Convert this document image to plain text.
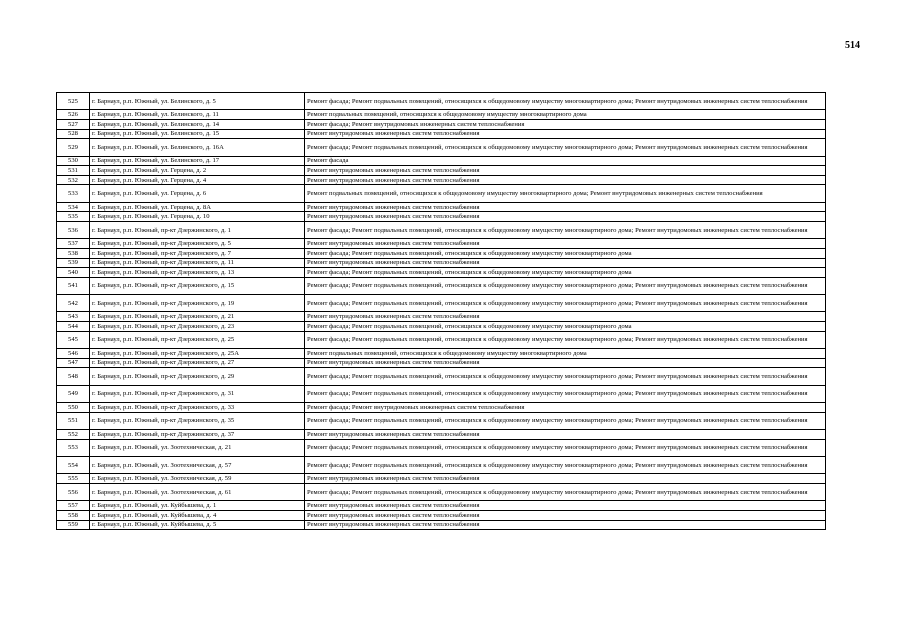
514
525	г. Барнаул, р.п. Южный, ул. Белинского, д. 5	Ремонт фасада; Ремонт подвальных помещений, относящихся к общедомовому имуществу многоквартирного дома; Ремонт внутридомовых инженерных систем теплоснабжения
526	г. Барнаул, р.п. Южный, ул. Белинского, д. 11	Ремонт подвальных помещений, относящихся к общедомовому имуществу многоквартирного дома
527	г. Барнаул, р.п. Южный, ул. Белинского, д. 14	Ремонт фасада; Ремонт внутридомовых инженерных систем теплоснабжения
528	г. Барнаул, р.п. Южный, ул. Белинского, д. 15	Ремонт внутридомовых инженерных систем теплоснабжения
529	г. Барнаул, р.п. Южный, ул. Белинского, д. 16А	Ремонт фасада; Ремонт подвальных помещений, относящихся к общедомовому имуществу многоквартирного дома; Ремонт внутридомовых инженерных систем теплоснабжения
530	г. Барнаул, р.п. Южный, ул. Белинского, д. 17	Ремонт фасада
531	г. Барнаул, р.п. Южный, ул. Герцена, д. 2	Ремонт внутридомовых инженерных систем теплоснабжения
532	г. Барнаул, р.п. Южный, ул. Герцена, д. 4	Ремонт внутридомовых инженерных систем теплоснабжения
533	г. Барнаул, р.п. Южный, ул. Герцена, д. 6	Ремонт подвальных помещений, относящихся к общедомовому имуществу многоквартирного дома; Ремонт внутридомовых инженерных систем теплоснабжения
534	г. Барнаул, р.п. Южный, ул. Герцена, д. 8А	Ремонт внутридомовых инженерных систем теплоснабжения
535	г. Барнаул, р.п. Южный, ул. Герцена, д. 10	Ремонт внутридомовых инженерных систем теплоснабжения
536	г. Барнаул, р.п. Южный, пр-кт Дзержинского, д. 1	Ремонт фасада; Ремонт подвальных помещений, относящихся к общедомовому имуществу многоквартирного дома; Ремонт внутридомовых инженерных систем теплоснабжения
537	г. Барнаул, р.п. Южный, пр-кт Дзержинского, д. 5	Ремонт внутридомовых инженерных систем теплоснабжения
538	г. Барнаул, р.п. Южный, пр-кт Дзержинского, д. 7	Ремонт фасада; Ремонт подвальных помещений, относящихся к общедомовому имуществу многоквартирного дома
539	г. Барнаул, р.п. Южный, пр-кт Дзержинского, д. 11	Ремонт внутридомовых инженерных систем теплоснабжения
540	г. Барнаул, р.п. Южный, пр-кт Дзержинского, д. 13	Ремонт фасада; Ремонт подвальных помещений, относящихся к общедомовому имуществу многоквартирного дома
541	г. Барнаул, р.п. Южный, пр-кт Дзержинского, д. 15	Ремонт фасада; Ремонт подвальных помещений, относящихся к общедомовому имуществу многоквартирного дома; Ремонт внутридомовых инженерных систем теплоснабжения
542	г. Барнаул, р.п. Южный, пр-кт Дзержинского, д. 19	Ремонт фасада; Ремонт подвальных помещений, относящихся к общедомовому имуществу многоквартирного дома; Ремонт внутридомовых инженерных систем теплоснабжения
543	г. Барнаул, р.п. Южный, пр-кт Дзержинского, д. 21	Ремонт внутридомовых инженерных систем теплоснабжения
544	г. Барнаул, р.п. Южный, пр-кт Дзержинского, д. 23	Ремонт фасада; Ремонт подвальных помещений, относящихся к общедомовому имуществу многоквартирного дома
545	г. Барнаул, р.п. Южный, пр-кт Дзержинского, д. 25	Ремонт фасада; Ремонт подвальных помещений, относящихся к общедомовому имуществу многоквартирного дома; Ремонт внутридомовых инженерных систем теплоснабжения
546	г. Барнаул, р.п. Южный, пр-кт Дзержинского, д. 25А	Ремонт подвальных помещений, относящихся к общедомовому имуществу многоквартирного дома
547	г. Барнаул, р.п. Южный, пр-кт Дзержинского, д. 27	Ремонт внутридомовых инженерных систем теплоснабжения
548	г. Барнаул, р.п. Южный, пр-кт Дзержинского, д. 29	Ремонт фасада; Ремонт подвальных помещений, относящихся к общедомовому имуществу многоквартирного дома; Ремонт внутридомовых инженерных систем теплоснабжения
549	г. Барнаул, р.п. Южный, пр-кт Дзержинского, д. 31	Ремонт фасада; Ремонт подвальных помещений, относящихся к общедомовому имуществу многоквартирного дома; Ремонт внутридомовых инженерных систем теплоснабжения
550	г. Барнаул, р.п. Южный, пр-кт Дзержинского, д. 33	Ремонт фасада; Ремонт внутридомовых инженерных систем теплоснабжения
551	г. Барнаул, р.п. Южный, пр-кт Дзержинского, д. 35	Ремонт фасада; Ремонт подвальных помещений, относящихся к общедомовому имуществу многоквартирного дома; Ремонт внутридомовых инженерных систем теплоснабжения
552	г. Барнаул, р.п. Южный, пр-кт Дзержинского, д. 37	Ремонт внутридомовых инженерных систем теплоснабжения
553	г. Барнаул, р.п. Южный, ул. Зоотехническая, д. 21	Ремонт фасада; Ремонт подвальных помещений, относящихся к общедомовому имуществу многоквартирного дома; Ремонт внутридомовых инженерных систем теплоснабжения
554	г. Барнаул, р.п. Южный, ул. Зоотехническая, д. 57	Ремонт фасада; Ремонт подвальных помещений, относящихся к общедомовому имуществу многоквартирного дома; Ремонт внутридомовых инженерных систем теплоснабжения
555	г. Барнаул, р.п. Южный, ул. Зоотехническая, д. 59	Ремонт внутридомовых инженерных систем теплоснабжения
556	г. Барнаул, р.п. Южный, ул. Зоотехническая, д. 61	Ремонт фасада; Ремонт подвальных помещений, относящихся к общедомовому имуществу многоквартирного дома; Ремонт внутридомовых инженерных систем теплоснабжения
557	г. Барнаул, р.п. Южный, ул. Куйбышева, д. 1	Ремонт внутридомовых инженерных систем теплоснабжения
558	г. Барнаул, р.п. Южный, ул. Куйбышева, д. 4	Ремонт внутридомовых инженерных систем теплоснабжения
559	г. Барнаул, р.п. Южный, ул. Куйбышева, д. 5	Ремонт внутридомовых инженерных систем теплоснабжения
